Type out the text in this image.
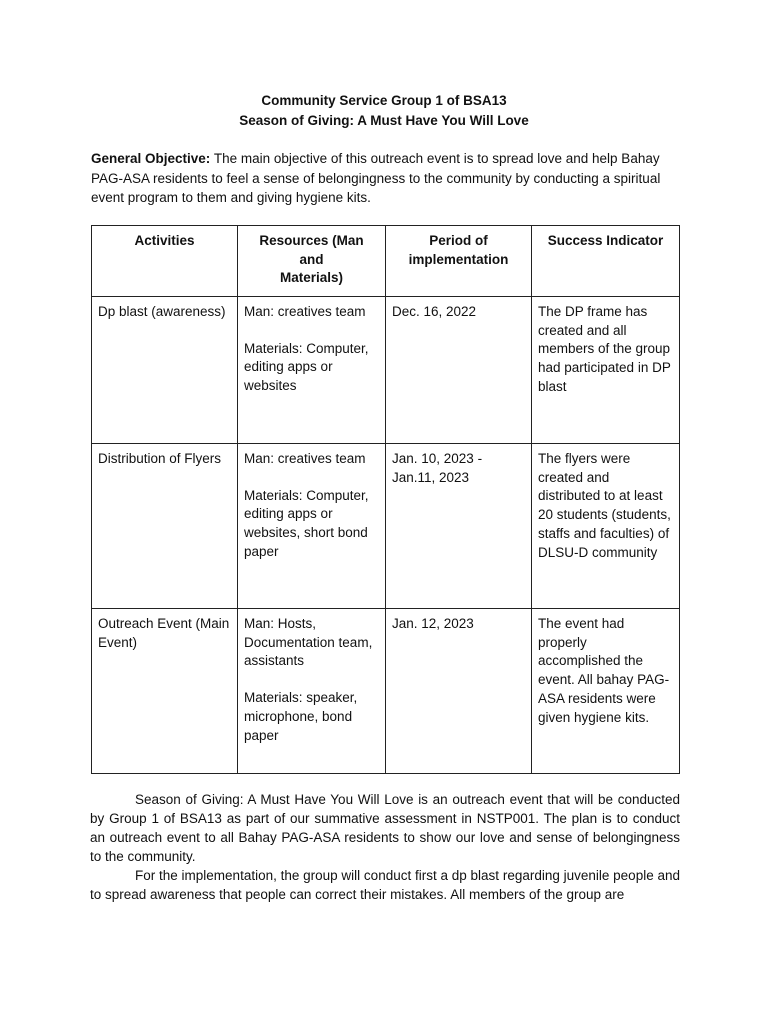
Community Service Group 1 of BSA13
Season of Giving: A Must Have You Will Love
General Objective: The main objective of this outreach event is to spread love and help Bahay PAG-ASA residents to feel a sense of belongingness to the community by conducting a spiritual event program to them and giving hygiene kits.
Activities	Resources (Man
and
Materials)	Period of
implementation	Success Indicator
Dp blast (awareness)	Man: creatives team
Materials: Computer, editing apps or websites	Dec. 16, 2022	The DP frame has created and all members of the group had participated in DP blast
Distribution of Flyers	Man: creatives team
Materials: Computer, editing apps or websites, short bond paper	Jan. 10, 2023 - Jan.11, 2023	The flyers were created and distributed to at least 20 students (students, staffs and faculties) of DLSU-D community
Outreach Event (Main Event)	Man: Hosts, Documentation team, assistants
Materials: speaker, microphone, bond paper	Jan. 12, 2023	The event had properly accomplished the event. All bahay PAG-ASA residents were given hygiene kits.

Season of Giving: A Must Have You Will Love is an outreach event that will be conducted by Group 1 of BSA13 as part of our summative assessment in NSTP001. The plan is to conduct an outreach event to all Bahay PAG-ASA residents to show our love and sense of belongingness to the community.

For the implementation, the group will conduct first a dp blast regarding juvenile people and to spread awareness that people can correct their mistakes. All members of the group are
